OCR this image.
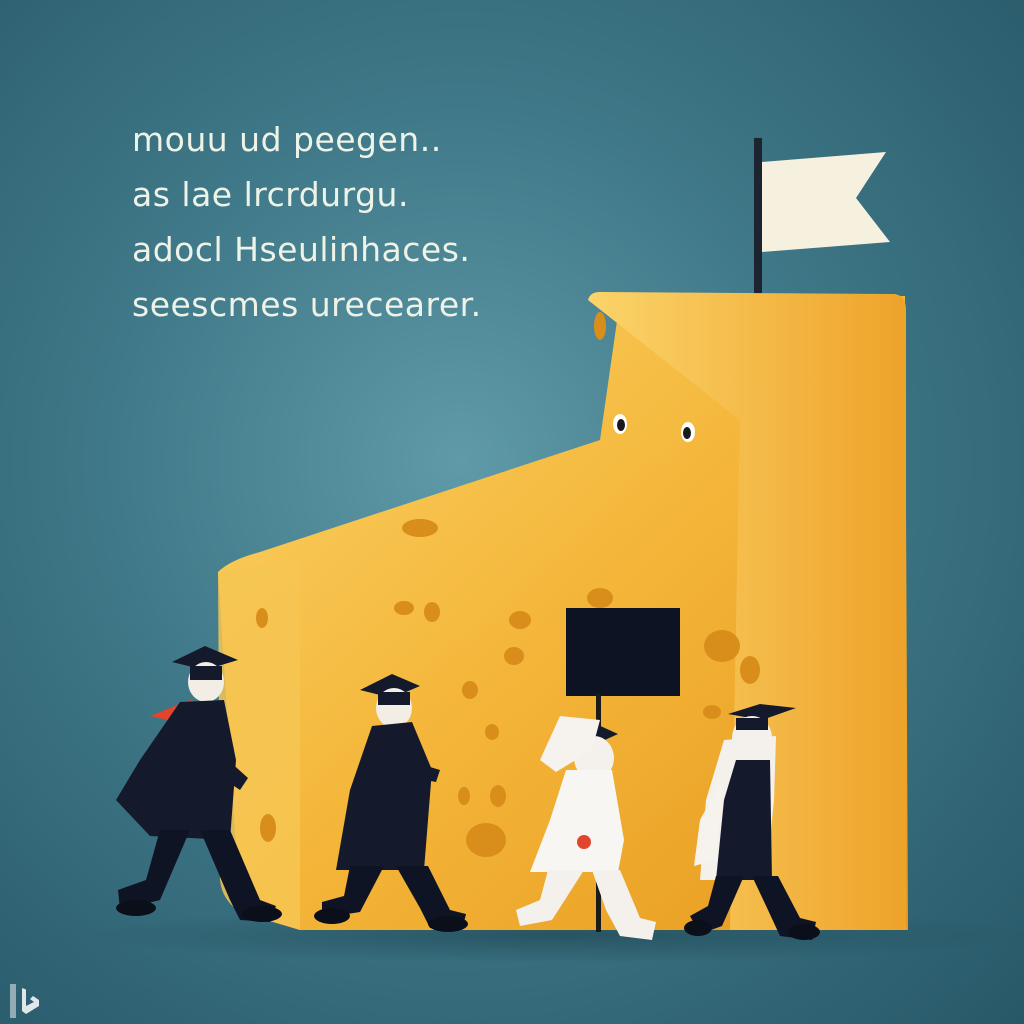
mouu ud peegen..
as lae lrcrdurgu.
adocl Hseulinhaces.
seescmes urecearer.
